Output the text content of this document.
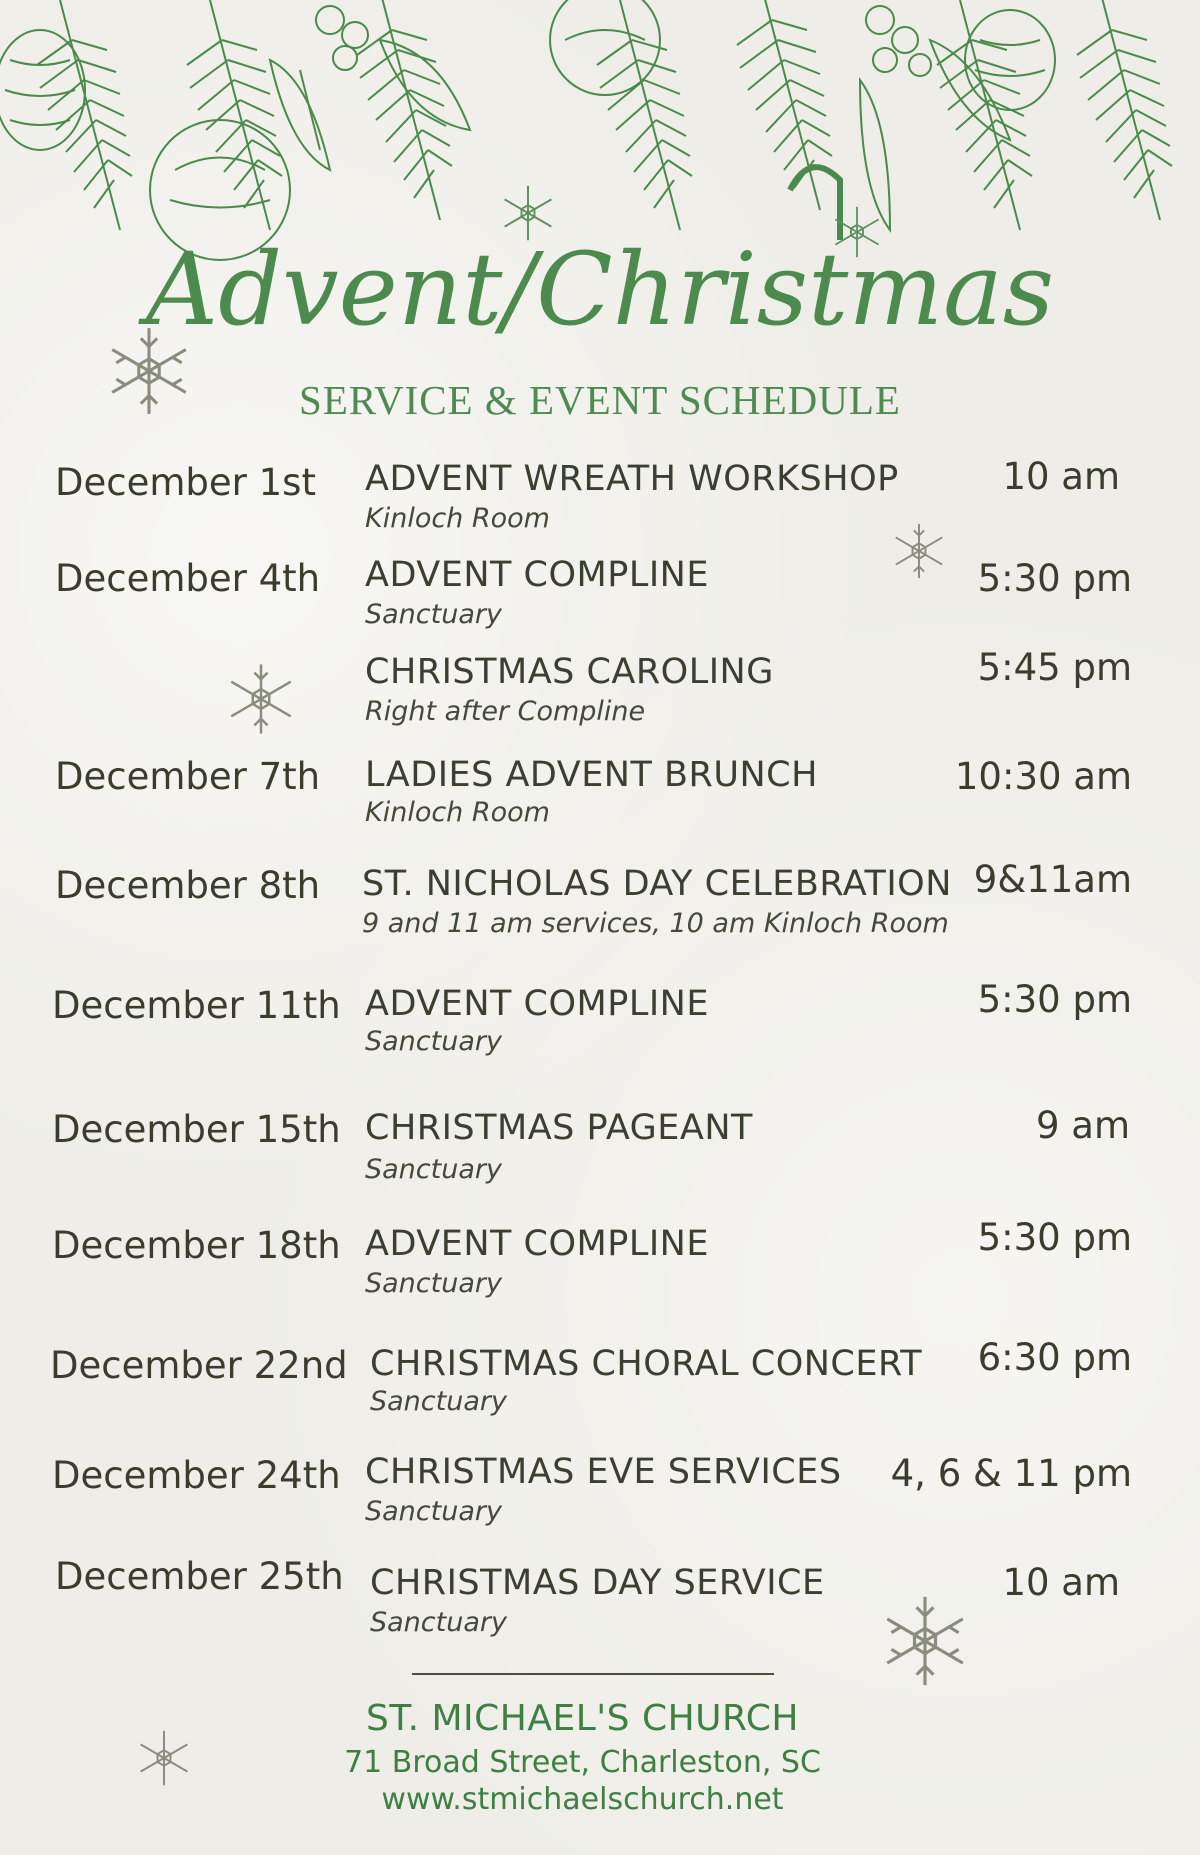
Advent/Christmas
SERVICE & EVENT SCHEDULE
December 1st ADVENT WREATH WORKSHOP
Kinloch Room
10 am
December 4th ADVENT COMPLINE
Sanctuary
5:30 pm
CHRISTMAS CAROLING
Right after Compline
5:45 pm
December 7th LADIES ADVENT BRUNCH
Kinloch Room
10:30 am
December 8th ST. NICHOLAS DAY CELEBRATION
9 and 11 am services, 10 am Kinloch Room
9&11am
December 11th ADVENT COMPLINE
Sanctuary
5:30 pm
December 15th CHRISTMAS PAGEANT
Sanctuary
9 am
December 18th ADVENT COMPLINE
Sanctuary
5:30 pm
December 22nd CHRISTMAS CHORAL CONCERT
Sanctuary
6:30 pm
December 24th CHRISTMAS EVE SERVICES
Sanctuary
4, 6 & 11 pm
December 25th CHRISTMAS DAY SERVICE
Sanctuary
10 am
ST. MICHAEL'S CHURCH
71 Broad Street, Charleston, SC
www.stmichaelschurch.net
